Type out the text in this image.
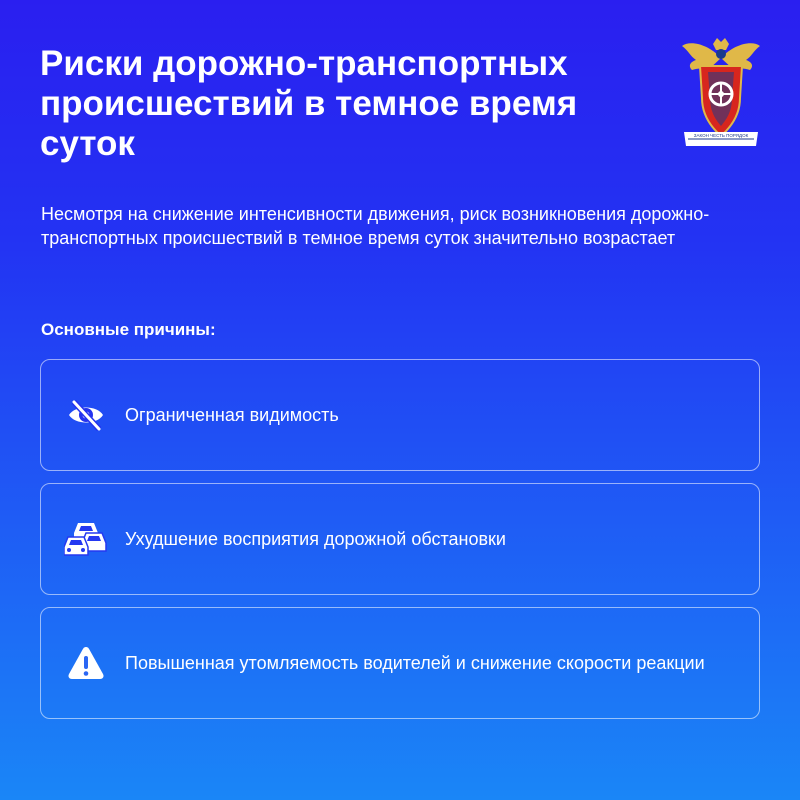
Риски дорожно-транспортных происшествий в темное время суток	ЗАКОН ЧЕСТЬ ПОРЯДОК

Несмотря на снижение интенсивности движения, риск возникновения дорожно-транспортных происшествий в темное время суток значительно возрастает

Основные причины:

Ограниченная видимость
Ухудшение восприятия дорожной обстановки
Повышенная утомляемость водителей и снижение скорости реакции
